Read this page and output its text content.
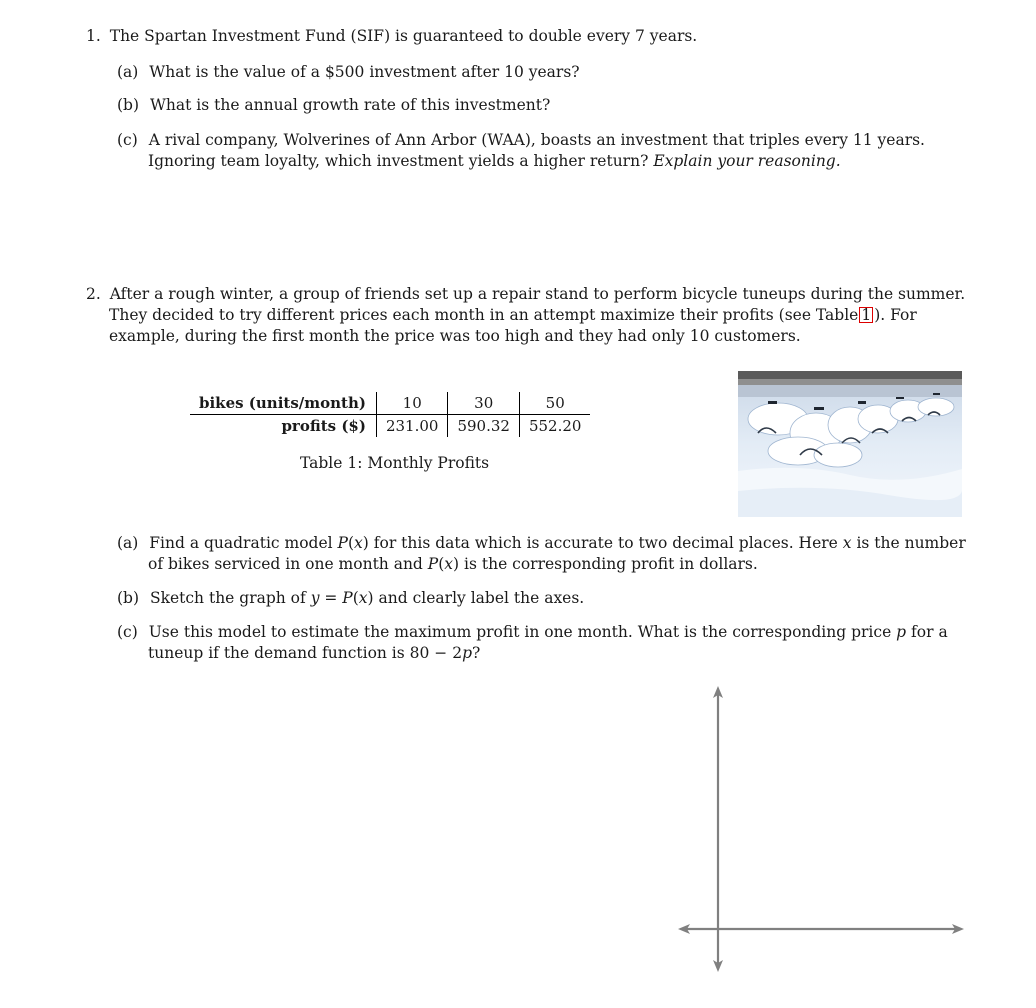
1. The Spartan Investment Fund (SIF) is guaranteed to double every 7 years.
(a) What is the value of a $500 investment after 10 years?
(b) What is the annual growth rate of this investment?
(c) A rival company, Wolverines of Ann Arbor (WAA), boasts an investment that triples every 11 years.
Ignoring team loyalty, which investment yields a higher return? Explain your reasoning.
2. After a rough winter, a group of friends set up a repair stand to perform bicycle tuneups during the summer.
They decided to try different prices each month in an attempt maximize their profits (see Table 1 ). For
example, during the first month the price was too high and they had only 10 customers.
bikes (units/month)	10	30	50
profits ($)	231.00	590.32	552.20
Table 1: Monthly Profits
(a) Find a quadratic model P(x) for this data which is accurate to two decimal places. Here x is the number
of bikes serviced in one month and P(x) is the corresponding profit in dollars.
(b) Sketch the graph of y = P(x) and clearly label the axes.
(c) Use this model to estimate the maximum profit in one month. What is the corresponding price p for a
tuneup if the demand function is 80 − 2p?
